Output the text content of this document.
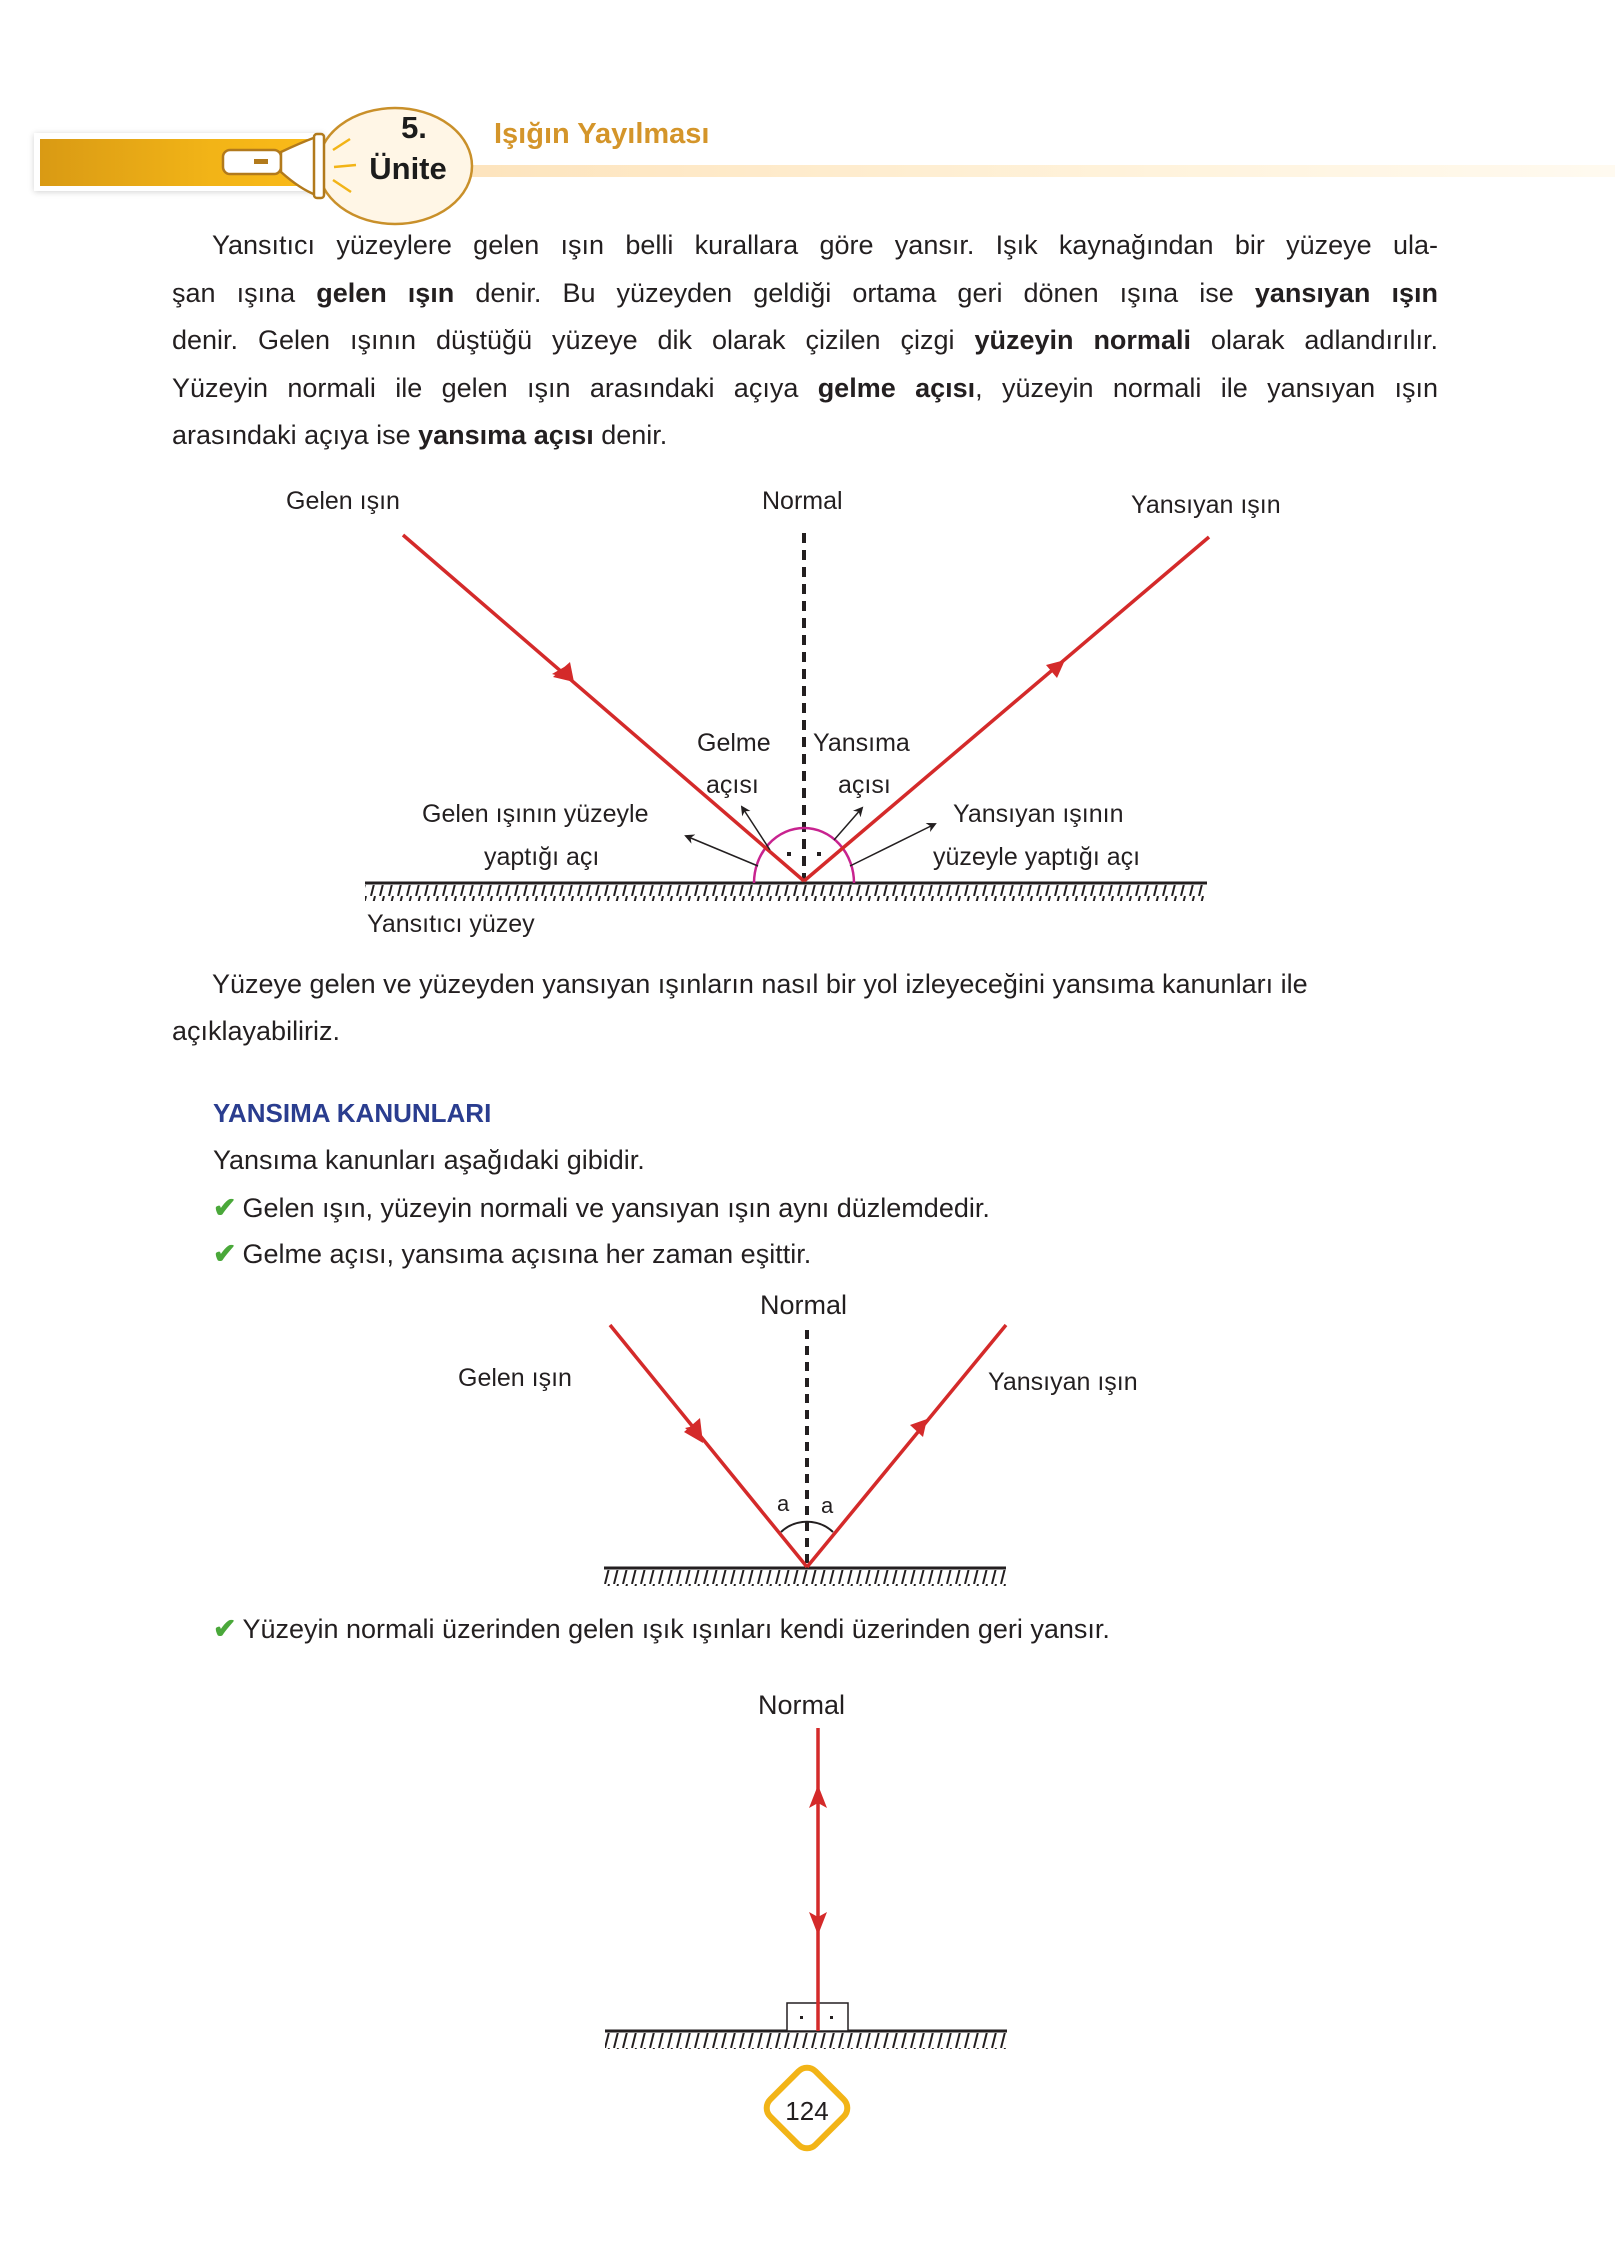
5.
Ünite
Işığın Yayılması
Yansıtıcı yüzeylere gelen ışın belli kurallara göre yansır. Işık kaynağından bir yüzeye ula-
şan ışına gelen ışın denir. Bu yüzeyden geldiği ortama geri dönen ışına ise yansıyan ışın
denir. Gelen ışının düştüğü yüzeye dik olarak çizilen çizgi yüzeyin normali olarak adlandırılır.
Yüzeyin normali ile gelen ışın arasındaki açıya gelme açısı, yüzeyin normali ile yansıyan ışın
arasındaki açıya ise yansıma açısı denir.
Gelen ışın	Normal	Yansıyan ışın
Gelme
açısı
Yansıma
açısı
Gelen ışının yüzeyle
yaptığı açı
Yansıyan ışının
yüzeyle yaptığı açı
Yansıtıcı yüzey
Yüzeye gelen ve yüzeyden yansıyan ışınların nasıl bir yol izleyeceğini yansıma kanunları ile
açıklayabiliriz.
YANSIMA KANUNLARI
Yansıma kanunları aşağıdaki gibidir.
✔ Gelen ışın, yüzeyin normali ve yansıyan ışın aynı düzlemdedir.
✔ Gelme açısı, yansıma açısına her zaman eşittir.
Normal
Gelen ışın	Yansıyan ışın
a a
✔ Yüzeyin normali üzerinden gelen ışık ışınları kendi üzerinden geri yansır.
Normal
124
